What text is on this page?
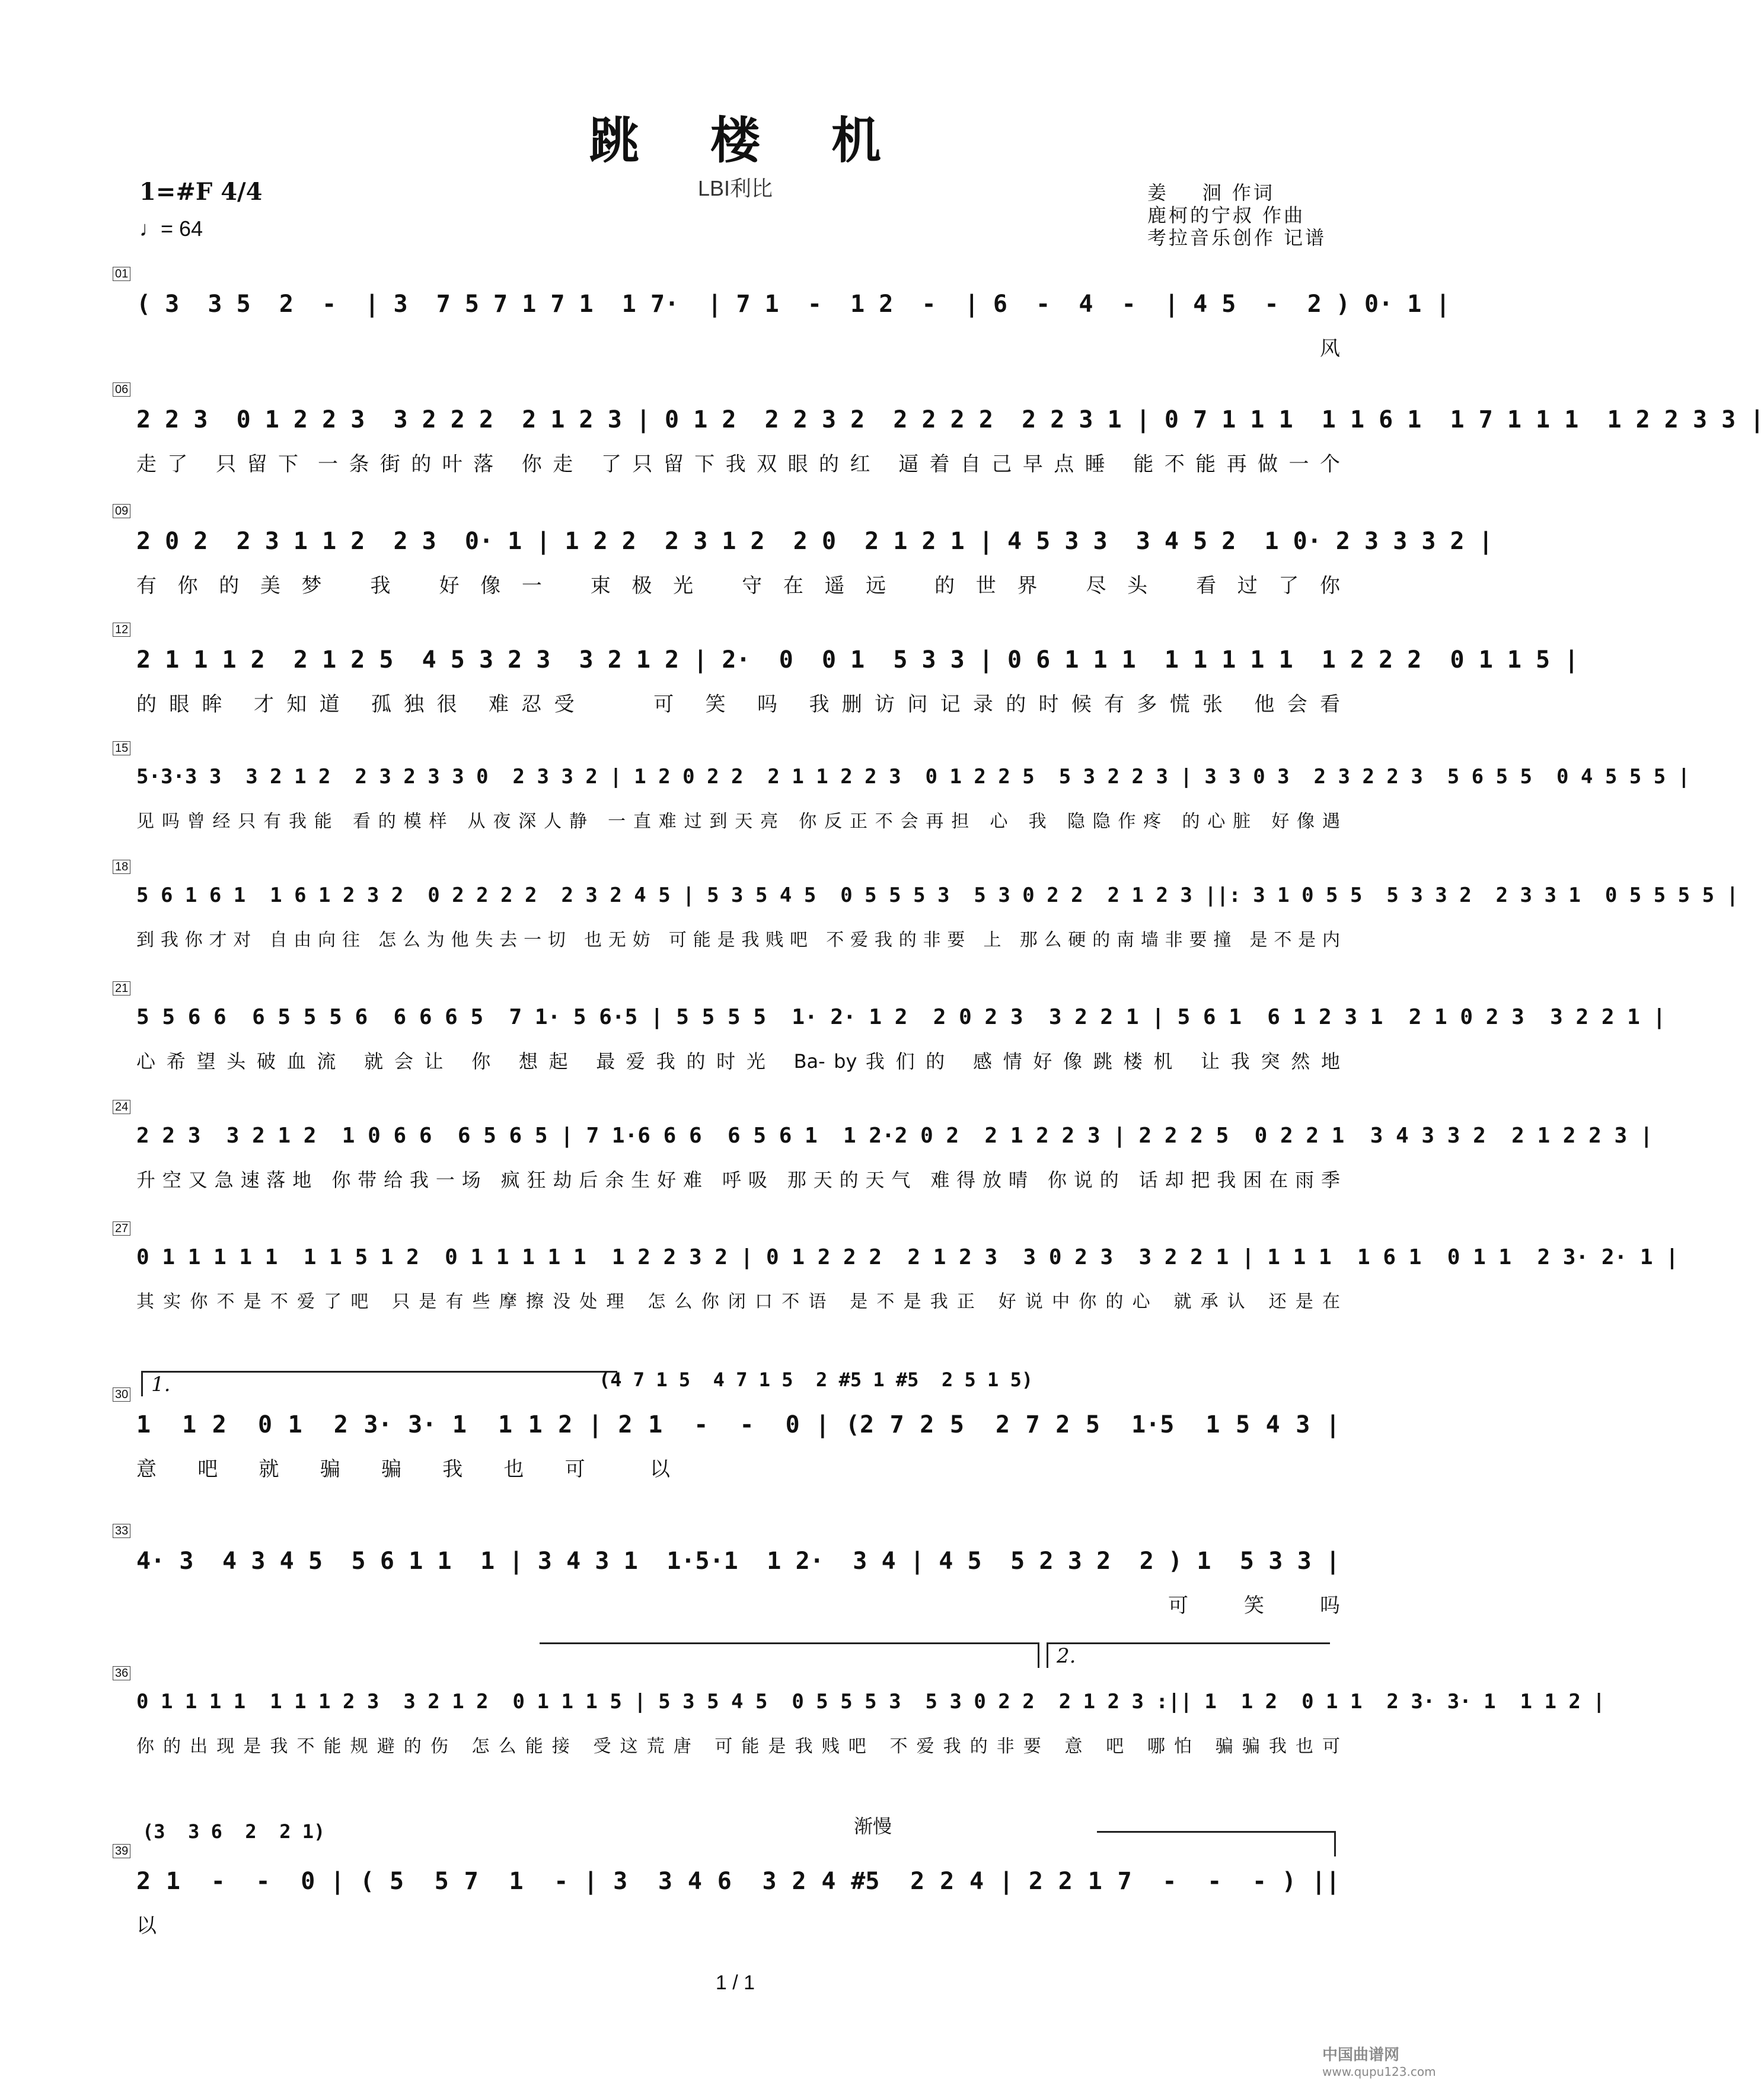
跳楼机
LBI利比
1=#F 4/4
♩= 64
姜    洄 作词
鹿柯的宁叔 作曲
考拉音乐创作 记谱
01
( 3  3 5  2  -  | 3  7 5 7 1 7 1  1 7·  | 7 1  -  1 2  -  | 6  -  4  -  | 4 5  -  2 ) 0· 1 |
风
06
2 2 3  0 1 2 2 3  3 2 2 2  2 1 2 3 | 0 1 2  2 2 3 2  2 2 2 2  2 2 3 1 | 0 7 1 1 1  1 1 6 1  1 7 1 1 1  1 2 2 3 3 |
走 了   只 留 下  一 条 街 的 叶 落   你 走   了 只 留 下 我 双 眼 的 红   逼 着 自 己 早 点 睡   能 不 能 再 做 一 个
09
2 0 2  2 3 1 1 2  2 3  0· 1 | 1 2 2  2 3 1 2  2 0  2 1 2 1 | 4 5 3 3  3 4 5 2  1 0· 2 3 3 3 2 |
有 你 的 美 梦   我   好 像 一   束 极 光   守 在 遥 远   的 世 界   尽 头   看 过 了 你
12
2 1 1 1 2  2 1 2 5  4 5 3 2 3  3 2 1 2 | 2·  0  0 1  5 3 3 | 0 6 1 1 1  1 1 1 1 1  1 2 2 2  0 1 1 5 |
的 眼 眸   才 知 道   孤 独 很   难 忍 受        可   笑   吗   我 删 访 问 记 录 的 时 候 有 多 慌 张   他 会 看
15
5·3·3 3  3 2 1 2  2 3 2 3 3 0  2 3 3 2 | 1 2 0 2 2  2 1 1 2 2 3  0 1 2 2 5  5 3 2 2 3 | 3 3 0 3  2 3 2 2 3  5 6 5 5  0 4 5 5 5 |
见 吗 曾 经 只 有 我 能   看 的 模 样   从 夜 深 人 静   一 直 难 过 到 天 亮   你 反 正 不 会 再 担   心   我   隐 隐 作 疼   的 心 脏   好 像 遇
18
5 6 1 6 1  1 6 1 2 3 2  0 2 2 2 2  2 3 2 4 5 | 5 3 5 4 5  0 5 5 5 3  5 3 0 2 2  2 1 2 3 ||: 3 1 0 5 5  5 3 3 2  2 3 3 1  0 5 5 5 5 |
到 我 你 才 对   自 由 向 往   怎 么 为 他 失 去 一 切   也 无 妨   可 能 是 我 贱 吧   不 爱 我 的 非 要   上   那 么 硬 的 南 墙 非 要 撞   是 不 是 内
21
5 5 6 6  6 5 5 5 6  6 6 6 5  7 1· 5 6·5 | 5 5 5 5  1· 2· 1 2  2 0 2 3  3 2 2 1 | 5 6 1  6 1 2 3 1  2 1 0 2 3  3 2 2 1 |
心 希 望 头 破 血 流   就 会 让   你   想 起   最 爱 我 的 时 光   Ba- by 我 们 的   感 情 好 像 跳 楼 机   让 我 突 然 地
24
2 2 3  3 2 1 2  1 0 6 6  6 5 6 5 | 7 1·6 6 6  6 5 6 1  1 2·2 0 2  2 1 2 2 3 | 2 2 2 5  0 2 2 1  3 4 3 3 2  2 1 2 2 3 |
升 空 又 急 速 落 地   你 带 给 我 一 场   疯 狂 劫 后 余 生 好 难   呼 吸   那 天 的 天 气   难 得 放 晴   你 说 的   话 却 把 我 困 在 雨 季
27
0 1 1 1 1 1  1 1 5 1 2  0 1 1 1 1 1  1 2 2 3 2 | 0 1 2 2 2  2 1 2 3  3 0 2 3  3 2 2 1 | 1 1 1  1 6 1  0 1 1  2 3· 2· 1 |
其 实 你 不 是 不 爱 了 吧   只 是 有 些 摩 擦 没 处 理   怎 么 你 闭 口 不 语   是 不 是 我 正   好 说 中 你 的 心   就 承 认   还 是 在
1.	(4 7 1 5  4 7 1 5  2 #5 1 #5  2 5 1 5)
30
1  1 2  0 1  2 3· 3· 1  1 1 2 | 2 1  -  -  0 | (2 7 2 5  2 7 2 5  1·5  1 5 4 3 |
意   吧   就   骗   骗   我   也   可     以
33
4· 3  4 3 4 5  5 6 1 1  1 | 3 4 3 1  1·5·1  1 2·  3 4 | 4 5  5 2 3 2  2 ) 1  5 3 3 |
可   笑   吗
2.
36
0 1 1 1 1  1 1 1 2 3  3 2 1 2  0 1 1 1 5 | 5 3 5 4 5  0 5 5 5 3  5 3 0 2 2  2 1 2 3 :|| 1  1 2  0 1 1  2 3· 3· 1  1 1 2 |
你 的 出 现 是 我 不 能 规 避 的 伤   怎 么 能 接   受 这 荒 唐   可 能 是 我 贱 吧   不 爱 我 的 非 要   意   吧   哪 怕   骗 骗 我 也 可
(3  3 6  2  2 1)
39
2 1  -  -  0 | ( 5  5 7  1  - | 3  3 4 6  3 2 4 #5  2 2 4 | 2 2 1 7  -  -  - ) ||
以
渐慢
1 / 1
中国曲谱网
www.qupu123.com
